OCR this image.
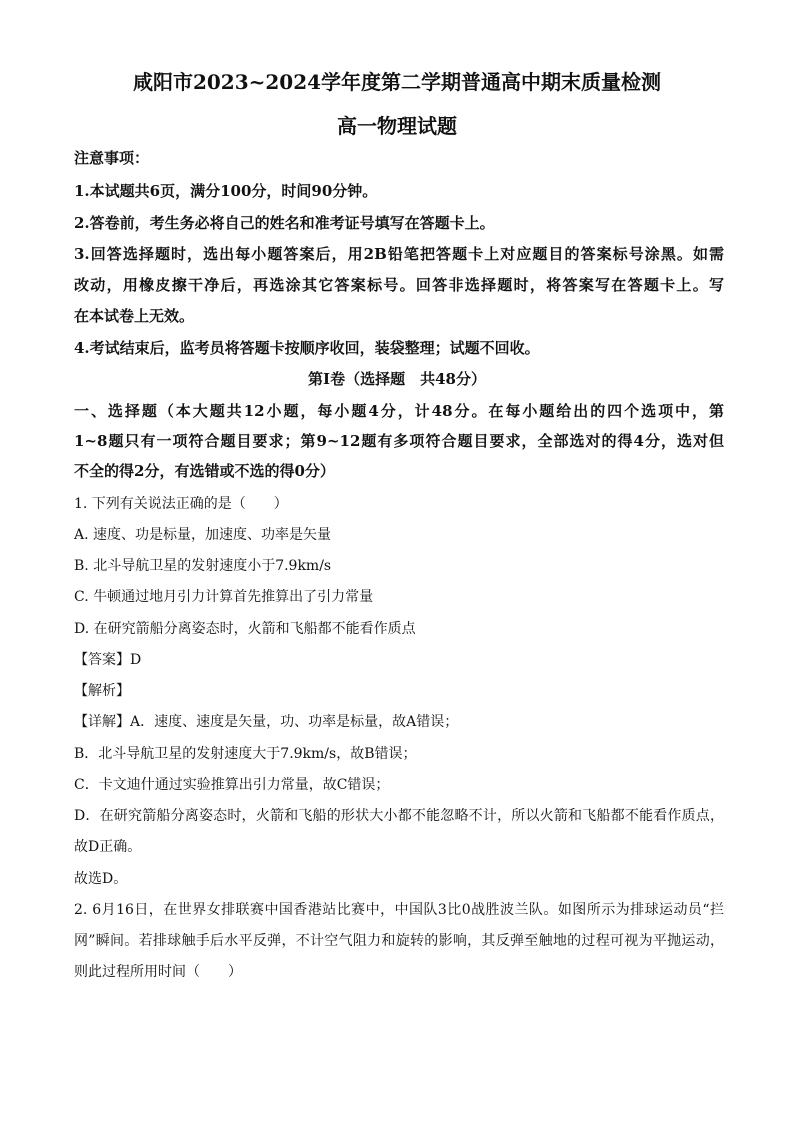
咸阳市2023~2024学年度第二学期普通高中期末质量检测
高一物理试题
注意事项：
1.本试题共6页，满分100分，时间90分钟。
2.答卷前，考生务必将自己的姓名和准考证号填写在答题卡上。
3.回答选择题时，选出每小题答案后，用2B铅笔把答题卡上对应题目的答案标号涂黑。如需
改动，用橡皮擦干净后，再选涂其它答案标号。回答非选择题时，将答案写在答题卡上。写
在本试卷上无效。
4.考试结束后，监考员将答题卡按顺序收回，装袋整理；试题不回收。
第Ⅰ卷（选择题　共48分）
一、选择题（本大题共12小题，每小题4分，计48分。在每小题给出的四个选项中，第
1~8题只有一项符合题目要求；第9~12题有多项符合题目要求，全部选对的得4分，选对但
不全的得2分，有选错或不选的得0分）
1. 下列有关说法正确的是（　　）
A. 速度、功是标量，加速度、功率是矢量
B. 北斗导航卫星的发射速度小于7.9km/s
C. 牛顿通过地月引力计算首先推算出了引力常量
D. 在研究箭船分离姿态时，火箭和飞船都不能看作质点
【答案】D
【解析】
【详解】A．速度、速度是矢量，功、功率是标量，故A错误；
B．北斗导航卫星的发射速度大于7.9km/s，故B错误；
C．卡文迪什通过实验推算出引力常量，故C错误；
D．在研究箭船分离姿态时，火箭和飞船的形状大小都不能忽略不计，所以火箭和飞船都不能看作质点，
故D正确。
故选D。
2. 6月16日，在世界女排联赛中国香港站比赛中，中国队3比0战胜波兰队。如图所示为排球运动员“拦
网”瞬间。若排球触手后水平反弹，不计空气阻力和旋转的影响，其反弹至触地的过程可视为平抛运动，
则此过程所用时间（　　）
